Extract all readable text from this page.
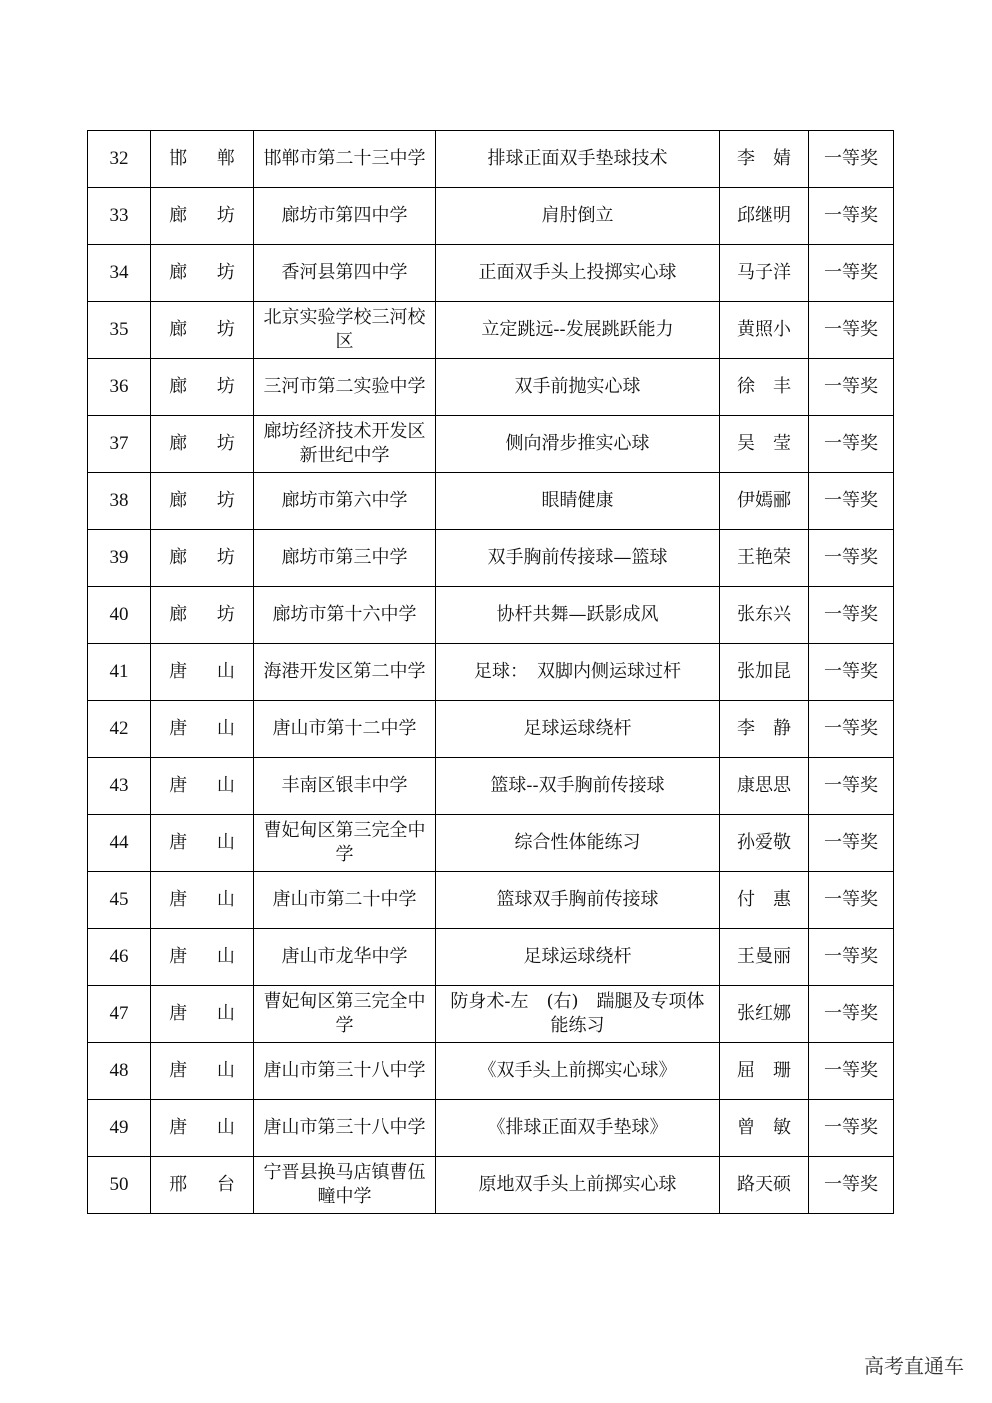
32	邯 郸	邯郸市第二十三中学	排球正面双手垫球技术	李　婧	一等奖
33	廊 坊	廊坊市第四中学	肩肘倒立	邱继明	一等奖
34	廊 坊	香河县第四中学	正面双手头上投掷实心球	马子洋	一等奖
35	廊 坊	北京实验学校三河校区	立定跳远--发展跳跃能力	黄照小	一等奖
36	廊 坊	三河市第二实验中学	双手前抛实心球	徐　丰	一等奖
37	廊 坊	廊坊经济技术开发区新世纪中学	侧向滑步推实心球	吴　莹	一等奖
38	廊 坊	廊坊市第六中学	眼睛健康	伊嫣郦	一等奖
39	廊 坊	廊坊市第三中学	双手胸前传接球—篮球	王艳荣	一等奖
40	廊 坊	廊坊市第十六中学	协杆共舞—跃影成风	张东兴	一等奖
41	唐 山	海港开发区第二中学	足球：　双脚内侧运球过杆	张加昆	一等奖
42	唐 山	唐山市第十二中学	足球运球绕杆	李　静	一等奖
43	唐 山	丰南区银丰中学	篮球--双手胸前传接球	康思思	一等奖
44	唐 山	曹妃甸区第三完全中学	综合性体能练习	孙爱敬	一等奖
45	唐 山	唐山市第二十中学	篮球双手胸前传接球	付　惠	一等奖
46	唐 山	唐山市龙华中学	足球运球绕杆	王曼丽	一等奖
47	唐 山	曹妃甸区第三完全中学	防身术-左　(右)　踹腿及专项体能练习	张红娜	一等奖
48	唐 山	唐山市第三十八中学	《双手头上前掷实心球》	屈　珊	一等奖
49	唐 山	唐山市第三十八中学	《排球正面双手垫球》	曾　敏	一等奖
50	邢 台	宁晋县换马店镇曹伍疃中学	原地双手头上前掷实心球	路天硕	一等奖
高考直通车
